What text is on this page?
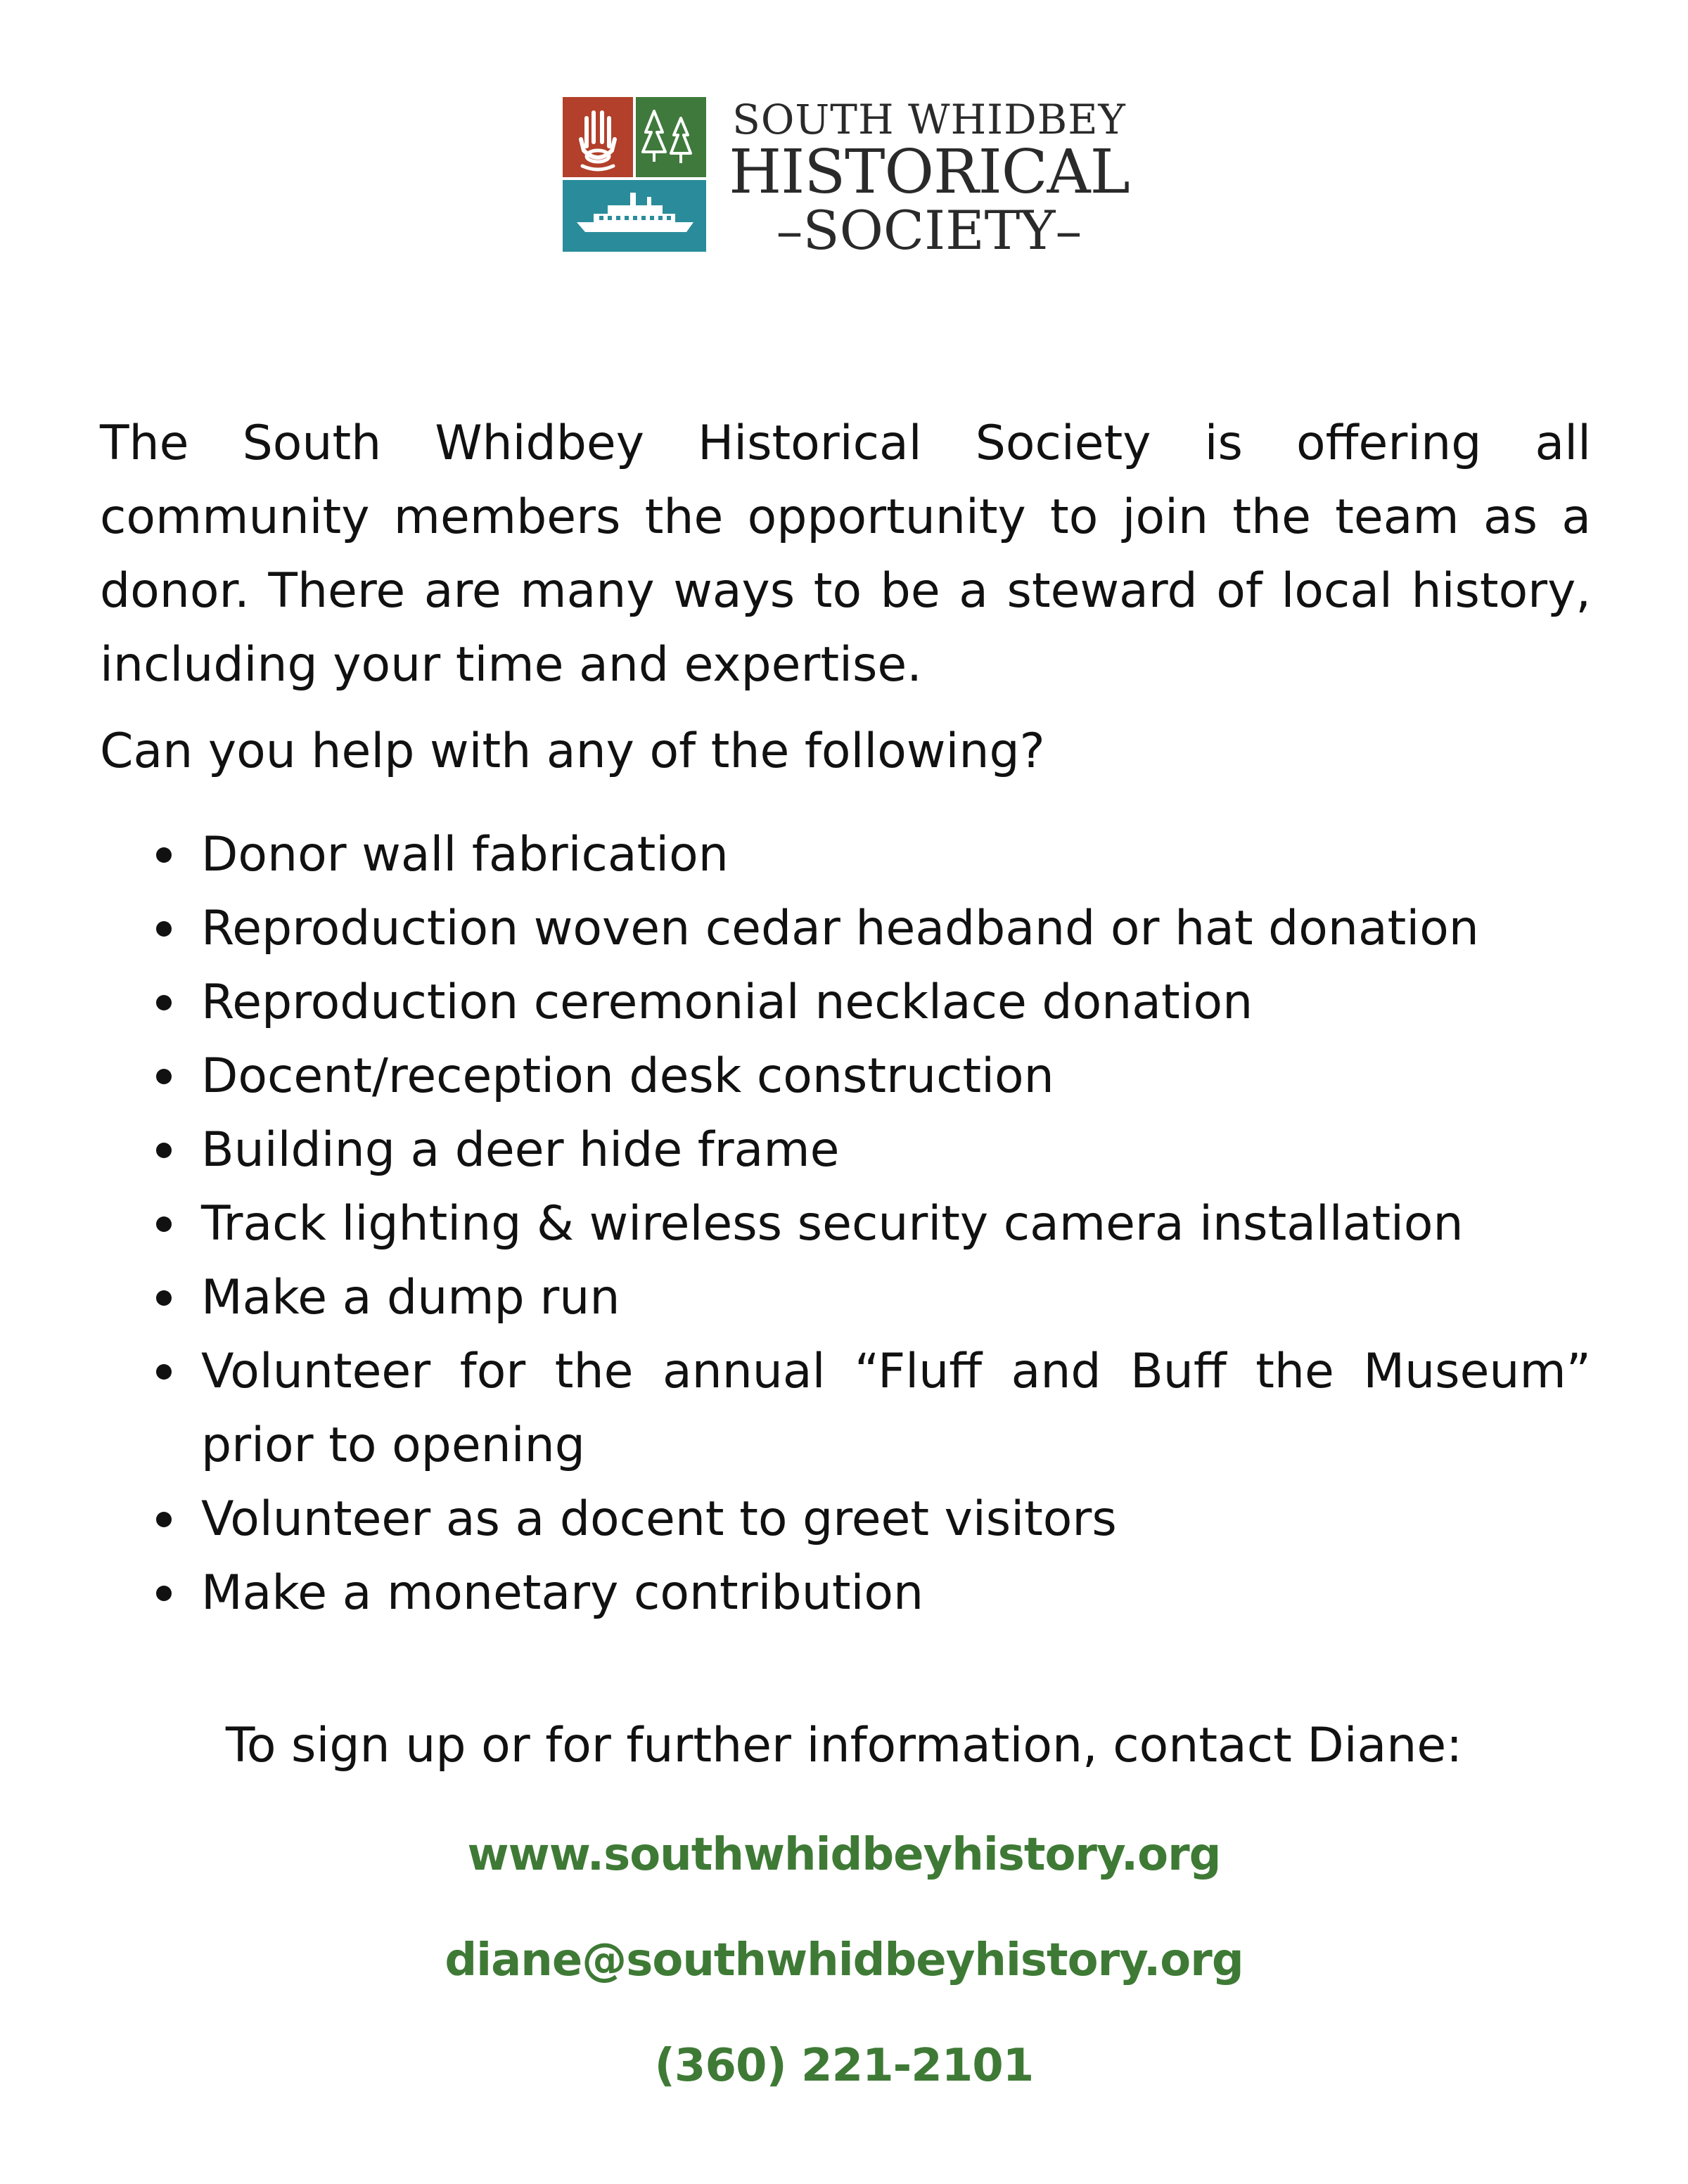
SOUTH WHIDBEY
HISTORICAL
–SOCIETY–

The South Whidbey Historical Society is offering all community members the opportunity to join the team as a donor. There are many ways to be a steward of local history, including your time and expertise.

Can you help with any of the following?

Donor wall fabrication
Reproduction woven cedar headband or hat donation
Reproduction ceremonial necklace donation
Docent/reception desk construction
Building a deer hide frame
Track lighting & wireless security camera installation
Make a dump run
Volunteer for the annual “Fluff and Buff the Museum” prior to opening
Volunteer as a docent to greet visitors
Make a monetary contribution
To sign up or for further information, contact Diane:
www.southwhidbeyhistory.org
diane@southwhidbeyhistory.org
(360) 221-2101
